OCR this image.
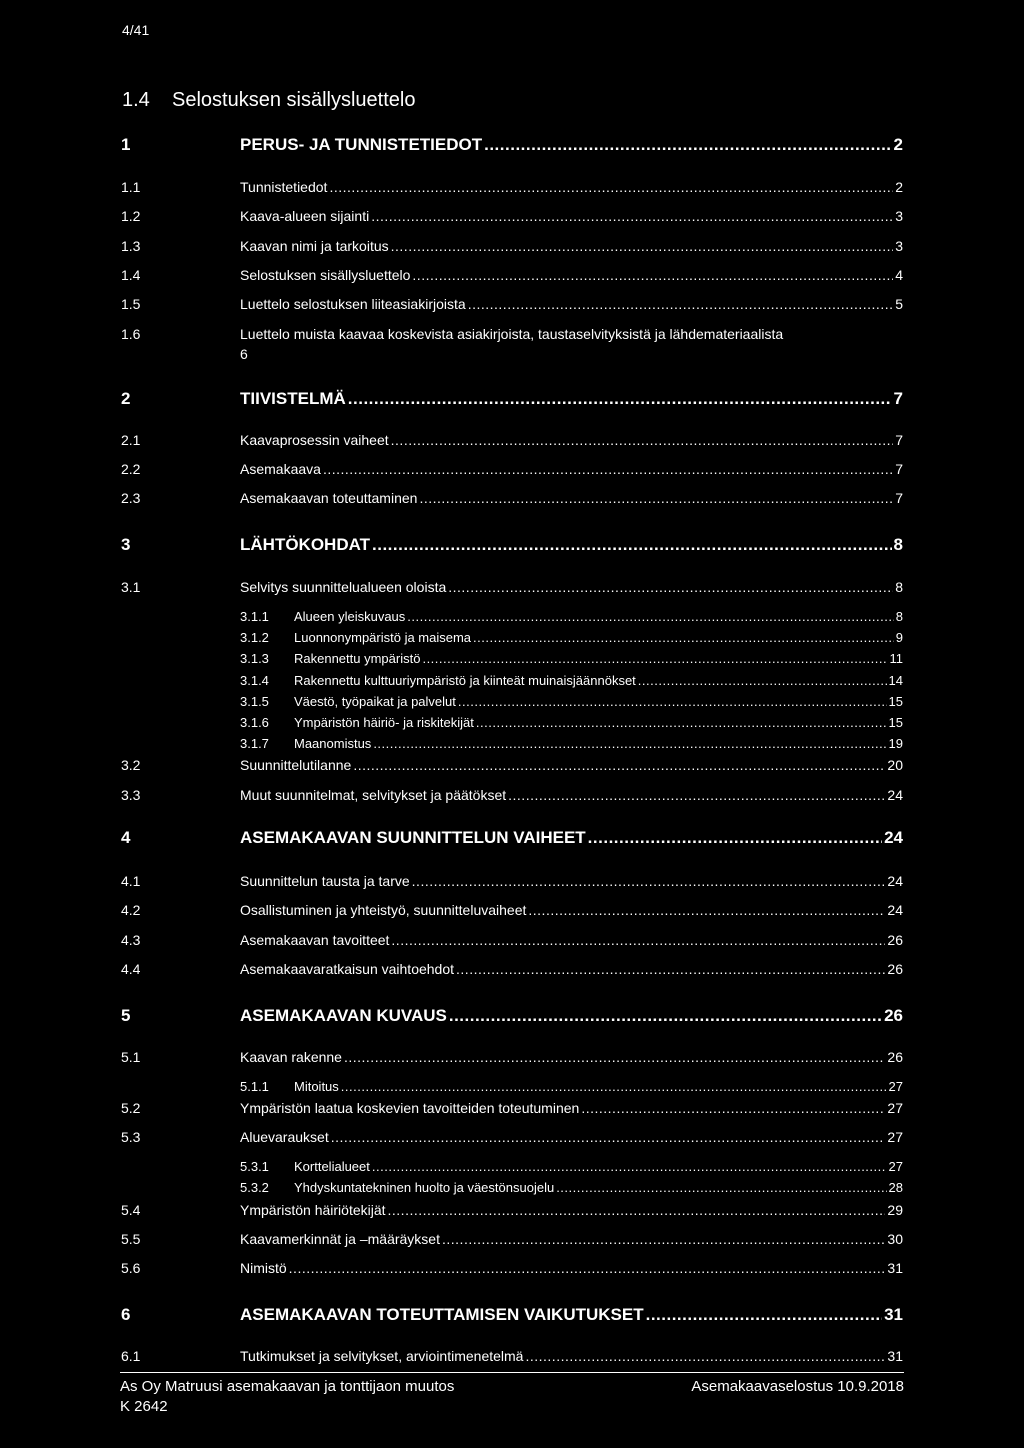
4/41
1.4 Selostuksen sisällysluettelo
1	PERUS- JA TUNNISTETIEDOT .....	2
1.1	Tunnistetiedot .....	2
1.2	Kaava-alueen sijainti .....	3
1.3	Kaavan nimi ja tarkoitus .....	3
1.4	Selostuksen sisällysluettelo .....	4
1.5	Luettelo selostuksen liiteasiakirjoista .....	5
1.6	Luettelo muista kaavaa koskevista asiakirjoista, taustaselvityksistä ja lähdemateriaalista
6
2	TIIVISTELMÄ .....	7
2.1	Kaavaprosessin vaiheet .....	7
2.2	Asemakaava .....	7
2.3	Asemakaavan toteuttaminen .....	7
3	LÄHTÖKOHDAT .....	8
3.1	Selvitys suunnittelualueen oloista .....	8
3.1.1 Alueen yleiskuvaus .....	8
3.1.2 Luonnonympäristö ja maisema .....	9
3.1.3 Rakennettu ympäristö .....	11
3.1.4 Rakennettu kulttuuriympäristö ja kiinteät muinaisjäännökset .....	14
3.1.5 Väestö, työpaikat ja palvelut .....	15
3.1.6 Ympäristön häiriö- ja riskitekijät .....	15
3.1.7 Maanomistus .....	19
3.2	Suunnittelutilanne .....	20
3.3	Muut suunnitelmat, selvitykset ja päätökset .....	24
4	ASEMAKAAVAN SUUNNITTELUN VAIHEET .....	24
4.1	Suunnittelun tausta ja tarve .....	24
4.2	Osallistuminen ja yhteistyö, suunnitteluvaiheet .....	24
4.3	Asemakaavan tavoitteet .....	26
4.4	Asemakaavaratkaisun vaihtoehdot .....	26
5	ASEMAKAAVAN KUVAUS .....	26
5.1	Kaavan rakenne .....	26
5.1.1 Mitoitus .....	27
5.2	Ympäristön laatua koskevien tavoitteiden toteutuminen .....	27
5.3	Aluevaraukset .....	27
5.3.1 Korttelialueet .....	27
5.3.2 Yhdyskuntatekninen huolto ja väestönsuojelu .....	28
5.4	Ympäristön häiriötekijät .....	29
5.5	Kaavamerkinnät ja –määräykset .....	30
5.6	Nimistö .....	31
6	ASEMAKAAVAN TOTEUTTAMISEN VAIKUTUKSET .....	31
6.1	Tutkimukset ja selvitykset, arviointimenetelmä .....	31
As Oy Matruusi asemakaavan ja tonttijaon muutos	Asemakaavaselostus 10.9.2018
K 2642
